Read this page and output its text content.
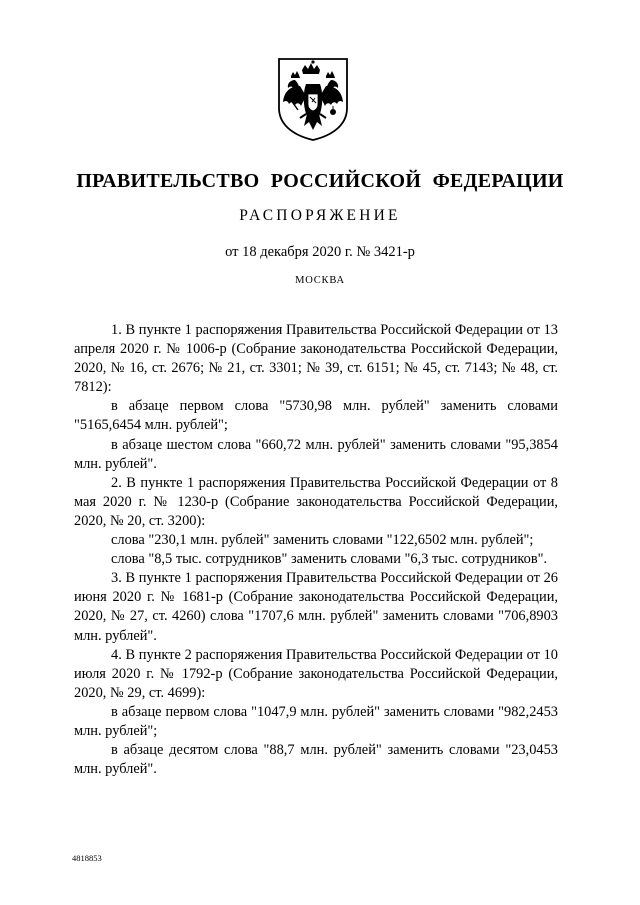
ПРАВИТЕЛЬСТВО РОССИЙСКОЙ ФЕДЕРАЦИИ
РАСПОРЯЖЕНИЕ
от 18 декабря 2020 г. № 3421-р
МОСКВА

1. В пункте 1 распоряжения Правительства Российской Федерации от 13 апреля 2020 г. № 1006-р (Собрание законодательства Российской Федерации, 2020, № 16, ст. 2676; № 21, ст. 3301; № 39, ст. 6151; № 45, ст. 7143; № 48, ст. 7812):

в абзаце первом слова "5730,98 млн. рублей" заменить словами "5165,6454 млн. рублей";

в абзаце шестом слова "660,72 млн. рублей" заменить словами "95,3854 млн. рублей".

2. В пункте 1 распоряжения Правительства Российской Федерации от 8 мая 2020 г. № 1230-р (Собрание законодательства Российской Федерации, 2020, № 20, ст. 3200):

слова "230,1 млн. рублей" заменить словами "122,6502 млн. рублей";

слова "8,5 тыс. сотрудников" заменить словами "6,3 тыс. сотрудников".

3. В пункте 1 распоряжения Правительства Российской Федерации от 26 июня 2020 г. № 1681-р (Собрание законодательства Российской Федерации, 2020, № 27, ст. 4260) слова "1707,6 млн. рублей" заменить словами "706,8903 млн. рублей".

4. В пункте 2 распоряжения Правительства Российской Федерации от 10 июля 2020 г. № 1792-р (Собрание законодательства Российской Федерации, 2020, № 29, ст. 4699):

в абзаце первом слова "1047,9 млн. рублей" заменить словами "982,2453 млн. рублей";

в абзаце десятом слова "88,7 млн. рублей" заменить словами "23,0453 млн. рублей".

4818853
